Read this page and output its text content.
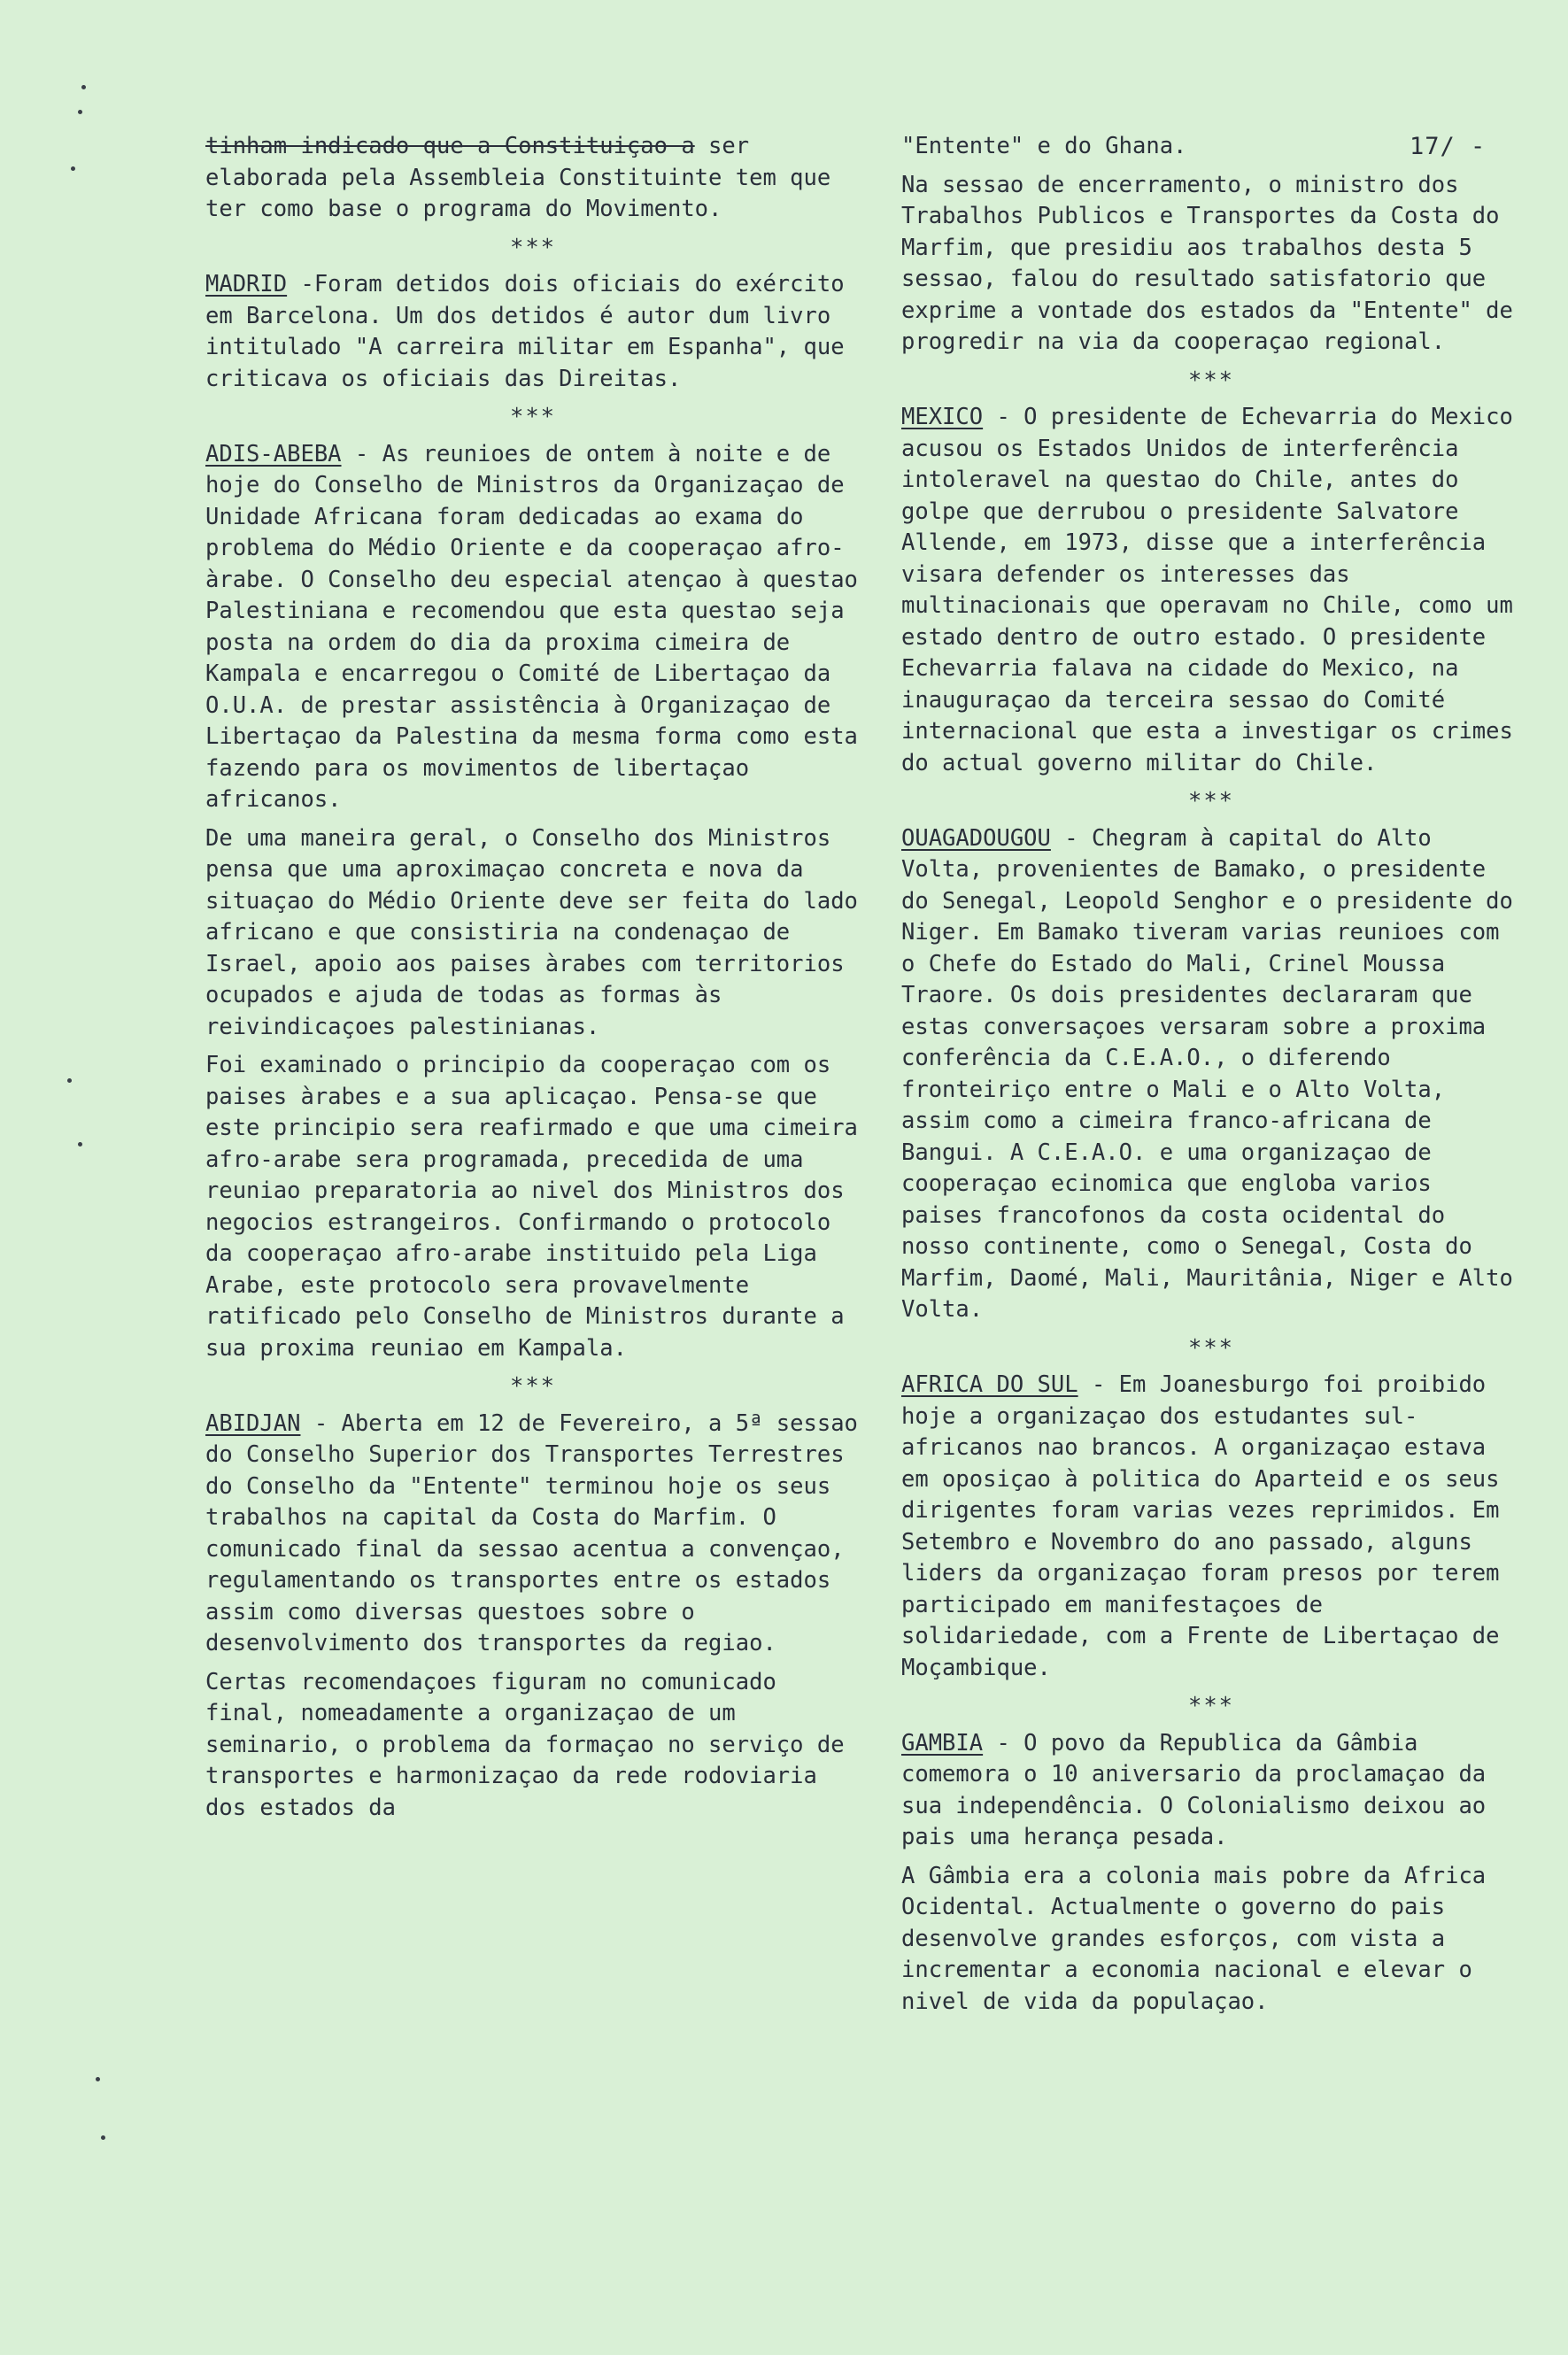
17/ -

tinham indicado que a Constituiçao a ser elaborada pela Assembleia Constituinte tem que ter como base o programa do Movimento.

***

MADRID -Foram detidos dois oficiais do exército em Barcelona. Um dos detidos é autor dum livro intitulado "A carreira militar em Espanha", que criticava os oficiais das Direitas.

***

ADIS-ABEBA - As reunioes de ontem à noite e de hoje do Conselho de Ministros da Organizaçao de Unidade Africana foram dedicadas ao exama do problema do Médio Oriente e da cooperaçao afro-àrabe. O Conselho deu especial atençao à questao Palestiniana e recomendou que esta questao seja posta na ordem do dia da proxima cimeira de Kampala e encarregou o Comité de Libertaçao da O.U.A. de prestar assistência à Organizaçao de Libertaçao da Palestina da mesma forma como esta fazendo para os movimentos de libertaçao africanos.

De uma maneira geral, o Conselho dos Ministros pensa que uma aproximaçao concreta e nova da situaçao do Médio Oriente deve ser feita do lado africano e que consistiria na condenaçao de Israel, apoio aos paises àrabes com territorios ocupados e ajuda de todas as formas às reivindicaçoes palestinianas.

Foi examinado o principio da cooperaçao com os paises àrabes e a sua aplicaçao. Pensa-se que este principio sera reafirmado e que uma cimeira afro-arabe sera programada, precedida de uma reuniao preparatoria ao nivel dos Ministros dos negocios estrangeiros. Confirmando o protocolo da cooperaçao afro-arabe instituido pela Liga Arabe, este protocolo sera provavelmente ratificado pelo Conselho de Ministros durante a sua proxima reuniao em Kampala.

***

ABIDJAN - Aberta em 12 de Fevereiro, a 5ª sessao do Conselho Superior dos Transportes Terrestres do Conselho da "Entente" terminou hoje os seus trabalhos na capital da Costa do Marfim. O comunicado final da sessao acentua a convençao, regulamentando os transportes entre os estados assim como diversas questoes sobre o desenvolvimento dos transportes da regiao.

Certas recomendaçoes figuram no comunicado final, nomeadamente a organizaçao de um seminario, o problema da formaçao no serviço de transportes e harmonizaçao da rede rodoviaria dos estados da

"Entente" e do Ghana.

Na sessao de encerramento, o ministro dos Trabalhos Publicos e Transportes da Costa do Marfim, que presidiu aos trabalhos desta 5 sessao, falou do resultado satisfatorio que exprime a vontade dos estados da "Entente" de progredir na via da cooperaçao regional.

***

MEXICO - O presidente de Echevarria do Mexico acusou os Estados Unidos de interferência intoleravel na questao do Chile, antes do golpe que derrubou o presidente Salvatore Allende, em 1973, disse que a interferência visara defender os interesses das multinacionais que operavam no Chile, como um estado dentro de outro estado. O presidente Echevarria falava na cidade do Mexico, na inauguraçao da terceira sessao do Comité internacional que esta a investigar os crimes do actual governo militar do Chile.

***

OUAGADOUGOU - Chegram à capital do Alto Volta, provenientes de Bamako, o presidente do Senegal, Leopold Senghor e o presidente do Niger. Em Bamako tiveram varias reunioes com o Chefe do Estado do Mali, Crinel Moussa Traore. Os dois presidentes declararam que estas conversaçoes versaram sobre a proxima conferência da C.E.A.O., o diferendo fronteiriço entre o Mali e o Alto Volta, assim como a cimeira franco-africana de Bangui. A C.E.A.O. e uma organizaçao de cooperaçao ecinomica que engloba varios paises francofonos da costa ocidental do nosso continente, como o Senegal, Costa do Marfim, Daomé, Mali, Mauritânia, Niger e Alto Volta.

***

AFRICA DO SUL - Em Joanesburgo foi proibido hoje a organizaçao dos estudantes sul-africanos nao brancos. A organizaçao estava em oposiçao à politica do Aparteid e os seus dirigentes foram varias vezes reprimidos. Em Setembro e Novembro do ano passado, alguns liders da organizaçao foram presos por terem participado em manifestaçoes de solidariedade, com a Frente de Libertaçao de Moçambique.

***

GAMBIA - O povo da Republica da Gâmbia comemora o 10 aniversario da proclamaçao da sua independência. O Colonialismo deixou ao pais uma herança pesada.

A Gâmbia era a colonia mais pobre da Africa Ocidental. Actualmente o governo do pais desenvolve grandes esforços, com vista a incrementar a economia nacional e elevar o nivel de vida da populaçao.
